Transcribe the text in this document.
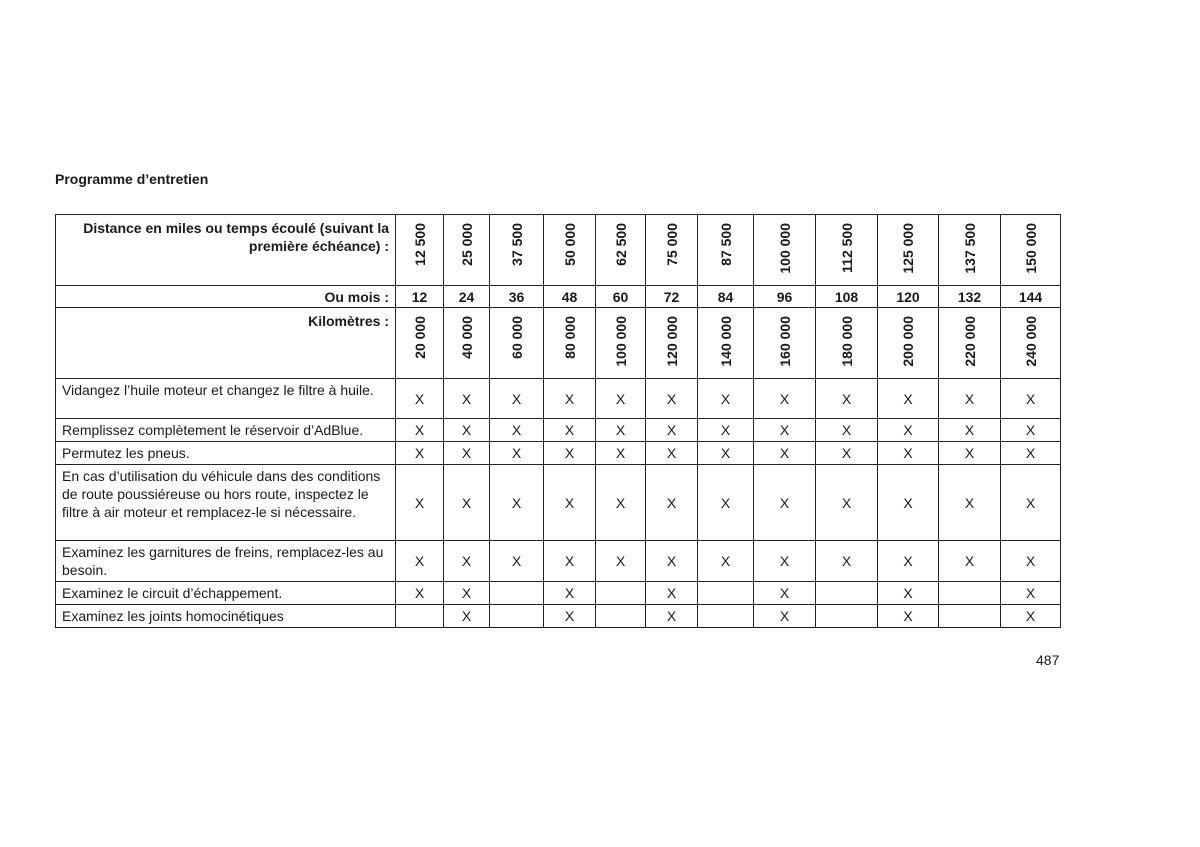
Programme d’entretien
Distance en miles ou temps écoulé (suivant la première échéance) :	12 500	25 000	37 500	50 000	62 500	75 000	87 500	100 000	112 500	125 000	137 500	150 000
Ou mois :	12	24	36	48	60	72	84	96	108	120	132	144
Kilomètres :	20 000	40 000	60 000	80 000	100 000	120 000	140 000	160 000	180 000	200 000	220 000	240 000
Vidangez l’huile moteur et changez le filtre à huile.	X	X	X	X	X	X	X	X	X	X	X	X
Remplissez complètement le réservoir d’AdBlue.	X	X	X	X	X	X	X	X	X	X	X	X
Permutez les pneus.	X	X	X	X	X	X	X	X	X	X	X	X
En cas d’utilisation du véhicule dans des conditions de route poussiéreuse ou hors route, inspectez le filtre à air moteur et remplacez-le si nécessaire.	X	X	X	X	X	X	X	X	X	X	X	X
Examinez les garnitures de freins, remplacez-les au besoin.	X	X	X	X	X	X	X	X	X	X	X	X
Examinez le circuit d’échappement.	X	X		X		X		X		X		X
Examinez les joints homocinétiques		X		X		X		X		X		X
487
